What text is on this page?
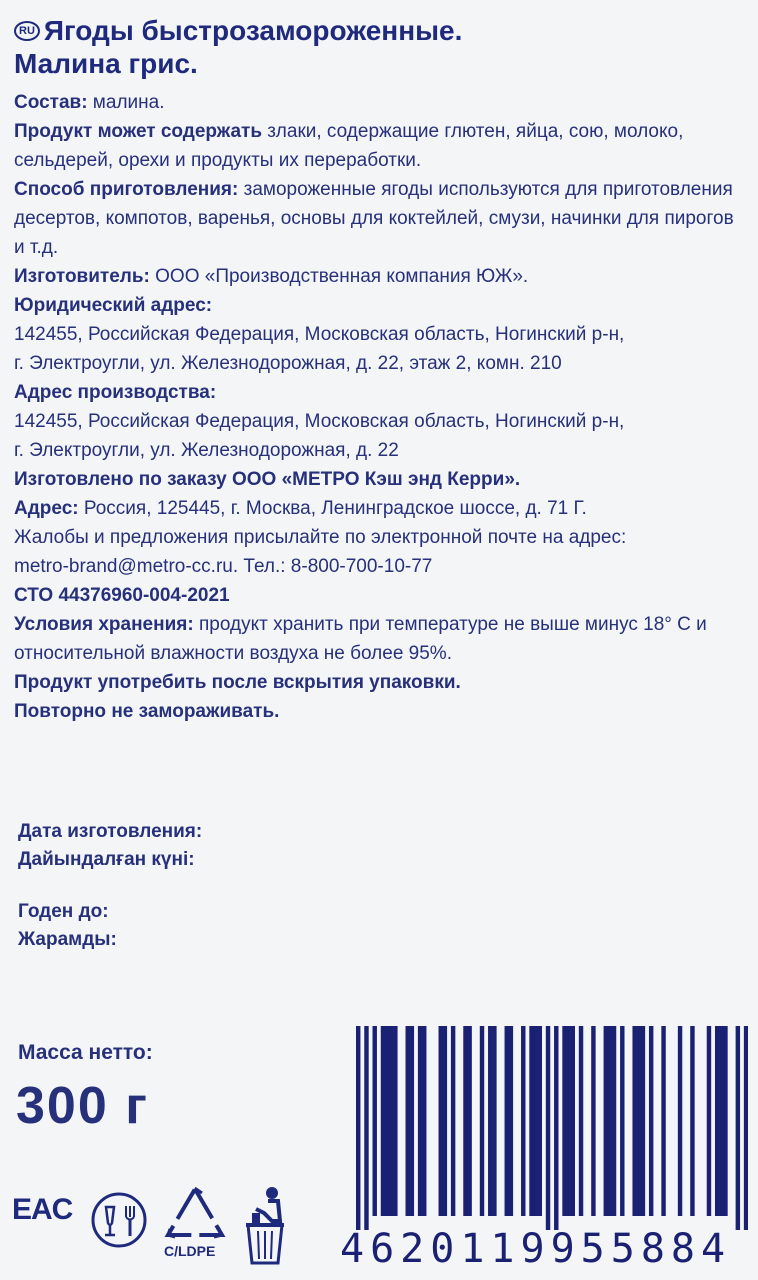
RU Ягоды быстрозамороженные.
Малина грис.

Состав: малина.

Продукт может содержать злаки, содержащие глютен, яйца, сою, молоко, сельдерей, орехи и продукты их переработки.

Способ приготовления: замороженные ягоды используются для приготовления десертов, компотов, варенья, основы для коктейлей, смузи, начинки для пирогов и т.д.

Изготовитель: ООО «Производственная компания ЮЖ».

Юридический адрес:

142455, Российская Федерация, Московская область, Ногинский р-н,

г. Электроугли, ул. Железнодорожная, д. 22, этаж 2, комн. 210

Адрес производства:

142455, Российская Федерация, Московская область, Ногинский р-н,

г. Электроугли, ул. Железнодорожная, д. 22

Изготовлено по заказу ООО «МЕТРО Кэш энд Керри».

Адрес: Россия, 125445, г. Москва, Ленинградское шоссе, д. 71 Г.

Жалобы и предложения присылайте по электронной почте на адрес:

metro-brand@metro-cc.ru. Тел.: 8-800-700-10-77

СТО 44376960-004-2021

Условия хранения: продукт хранить при температуре не выше минус 18° С и относительной влажности воздуха не более 95%.

Продукт употребить после вскрытия упаковки.

Повторно не замораживать.

Дата изготовления:
Дайындалған күні:
Годен до:
Жарамды:
Масса нетто:
300 г
EAC
C/LDPE	4620119955884
